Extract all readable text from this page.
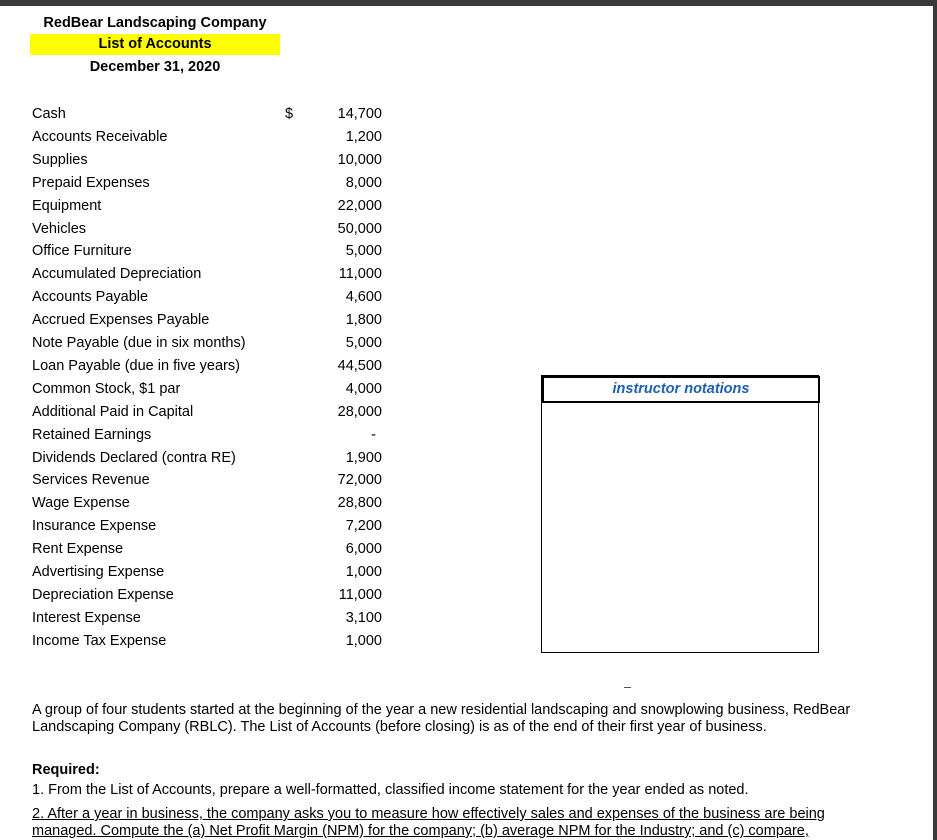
RedBear Landscaping Company
List of Accounts
December 31, 2020
Cash	$	14,700
Accounts Receivable	1,200
Supplies	10,000
Prepaid Expenses	8,000
Equipment	22,000
Vehicles	50,000
Office Furniture	5,000
Accumulated Depreciation	11,000
Accounts Payable	4,600
Accrued Expenses Payable	1,800
Note Payable (due in six months)	5,000
Loan Payable (due in five years)	44,500
Common Stock, $1 par	4,000
Additional Paid in Capital	28,000
Retained Earnings	-
Dividends Declared (contra RE)	1,900
Services Revenue	72,000
Wage Expense	28,800
Insurance Expense	7,200
Rent Expense	6,000
Advertising Expense	1,000
Depreciation Expense	11,000
Interest Expense	3,100
Income Tax Expense	1,000
instructor notations
A group of four students started at the beginning of the year a new residential landscaping and snowplowing business, RedBear Landscaping Company (RBLC). The List of Accounts (before closing) is as of the end of their first year of business.
Required:
1. From the List of Accounts, prepare a well-formatted, classified income statement for the year ended as noted.
2. After a year in business, the company asks you to measure how effectively sales and expenses of the business are being managed. Compute the (a) Net Profit Margin (NPM) for the company; (b) average NPM for the Industry; and (c) compare,
